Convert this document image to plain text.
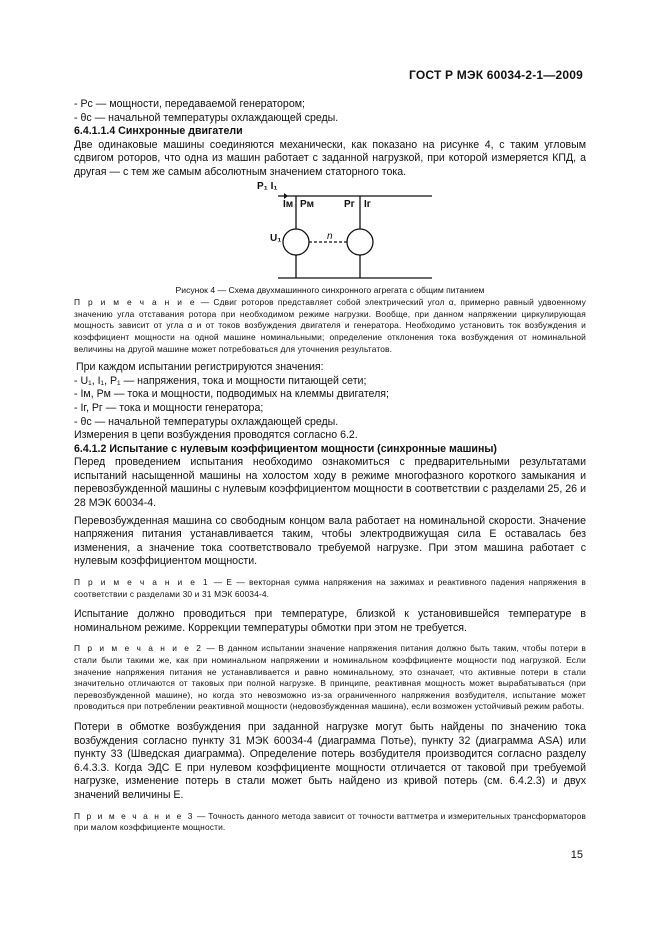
ГОСТ Р МЭК 60034-2-1—2009

- Pс — мощности, передаваемой генератором;

- θс — начальной температуры охлаждающей среды.

6.4.1.1.4 Синхронные двигатели

Две одинаковые машины соединяются механически, как показано на рисунке 4, с таким угловым сдвигом роторов, что одна из машин работает с заданной нагрузкой, при которой измеряется КПД, а другая — с тем же самым абсолютным значением статорного тока.

P₁ I₁
Iм Pм	Pг Iг
U₁	n

Рисунок 4 — Схема двухмашинного синхронного агрегата с общим питанием

П р и м е ч а н и е — Сдвиг роторов представляет собой электрический угол α, примерно равный удвоенному значению угла отставания ротора при необходимом режиме нагрузки. Вообще, при данном напряжении циркулирующая мощность зависит от угла α и от токов возбуждения двигателя и генератора. Необходимо установить ток возбуждения и коэффициент мощности на одной машине номинальными; определение отклонения тока возбуждения от номинальной величины на другой машине может потребоваться для уточнения результатов.

При каждом испытании регистрируются значения:

- U₁, I₁, P₁ — напряжения, тока и мощности питающей сети;

- Iм, Pм — тока и мощности, подводимых на клеммы двигателя;

- Iг, Pг — тока и мощности генератора;

- θс — начальной температуры охлаждающей среды.

Измерения в цепи возбуждения проводятся согласно 6.2.

6.4.1.2 Испытание с нулевым коэффициентом мощности (синхронные машины)

Перед проведением испытания необходимо ознакомиться с предварительными результатами испытаний насыщенной машины на холостом ходу в режиме многофазного короткого замыкания и перевозбужденной машины с нулевым коэффициентом мощности в соответствии с разделами 25, 26 и 28 МЭК 60034-4.

Перевозбужденная машина со свободным концом вала работает на номинальной скорости. Значение напряжения питания устанавливается таким, чтобы электродвижущая сила E оставалась без изменения, а значение тока соответствовало требуемой нагрузке. При этом машина работает с нулевым коэффициентом мощности.

П р и м е ч а н и е 1 — E — векторная сумма напряжения на зажимах и реактивного падения напряжения в соответствии с разделами 30 и 31 МЭК 60034-4.

Испытание должно проводиться при температуре, близкой к установившейся температуре в номинальном режиме. Коррекции температуры обмотки при этом не требуется.

П р и м е ч а н и е 2 — В данном испытании значение напряжения питания должно быть таким, чтобы потери в стали были такими же, как при номинальном напряжении и номинальном коэффициенте мощности под нагрузкой. Если значение напряжения питания не устанавливается и равно номинальному, это означает, что активные потери в стали значительно отличаются от таковых при полной нагрузке. В принципе, реактивная мощность может вырабатываться (при перевозбужденной машине), но когда это невозможно из-за ограниченного напряжения возбудителя, испытание может проводиться при потреблении реактивной мощности (недовозбужденная машина), если возможен устойчивый режим работы.

Потери в обмотке возбуждения при заданной нагрузке могут быть найдены по значению тока возбуждения согласно пункту 31 МЭК 60034-4 (диаграмма Потье), пункту 32 (диаграмма ASA) или пункту 33 (Шведская диаграмма). Определение потерь возбудителя производится согласно разделу 6.4.3.3. Когда ЭДС E при нулевом коэффициенте мощности отличается от таковой при требуемой нагрузке, изменение потерь в стали может быть найдено из кривой потерь (см. 6.4.2.3) и двух значений величины E.

П р и м е ч а н и е 3 — Точность данного метода зависит от точности ваттметра и измерительных трансформаторов при малом коэффициенте мощности.

15
